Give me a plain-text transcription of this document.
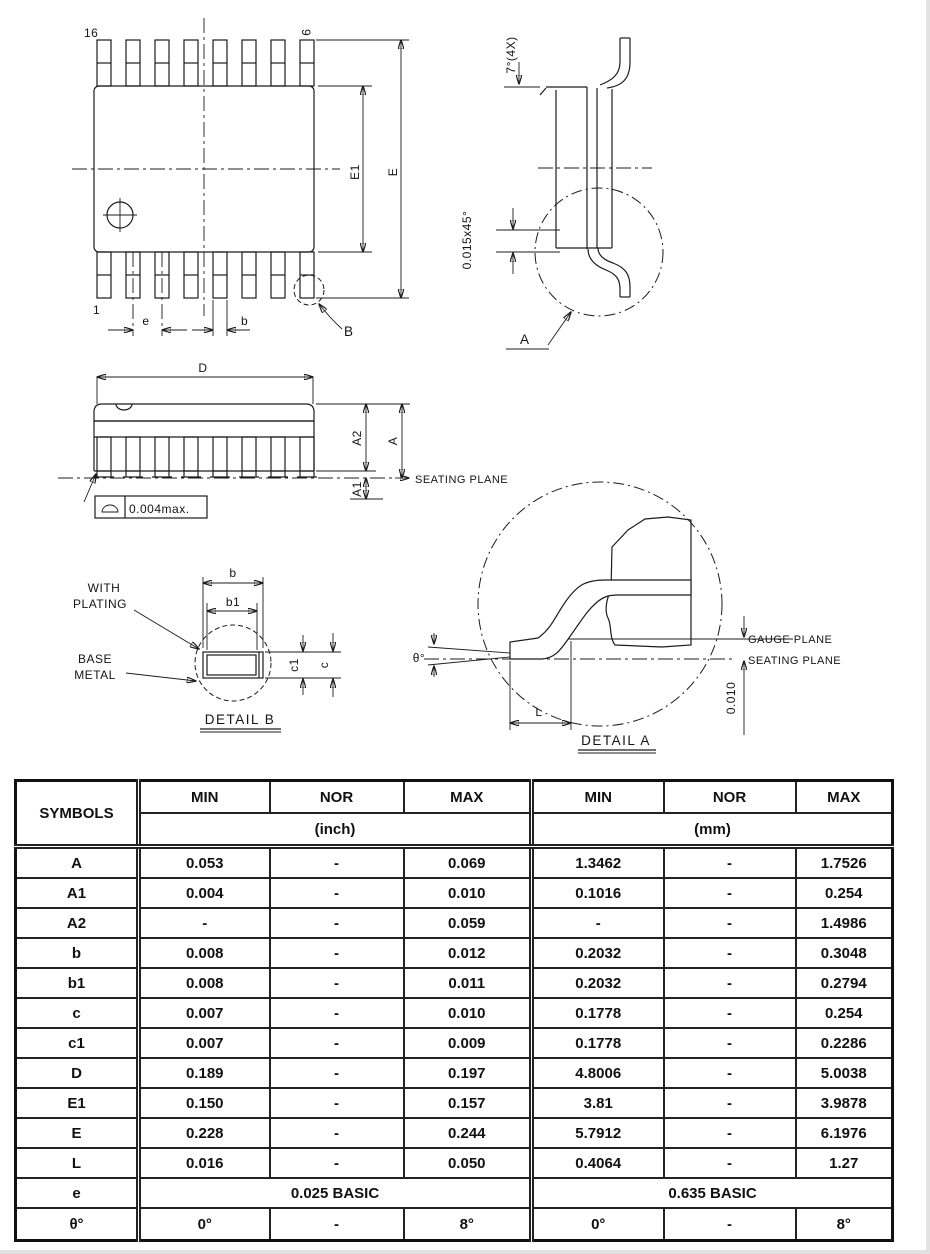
16	9
1
E1 E
e	b
B
7°(4X)
0.015x45°
A
D
SEATING PLANE
A2 A
A1
0.004max.
b
b1
c1 c
WITH
PLATING
BASE
METAL
DETAIL B
θ°
GAUGE PLANE
SEATING PLANE
0.010
L
DETAIL A
SYMBOLS	MIN	NOR	MAX	MIN	NOR	MAX
	(inch)			(mm)		
A	0.053	-	0.069	1.3462	-	1.7526
A1	0.004	-	0.010	0.1016	-	0.254
A2	-	-	0.059	-	-	1.4986
b	0.008	-	0.012	0.2032	-	0.3048
b1	0.008	-	0.011	0.2032	-	0.2794
c	0.007	-	0.010	0.1778	-	0.254
c1	0.007	-	0.009	0.1778	-	0.2286
D	0.189	-	0.197	4.8006	-	5.0038
E1	0.150	-	0.157	3.81	-	3.9878
E	0.228	-	0.244	5.7912	-	6.1976
L	0.016	-	0.050	0.4064	-	1.27
e	0.025 BASIC			0.635 BASIC		
θ°	0°	-	8°	0°	-	8°
